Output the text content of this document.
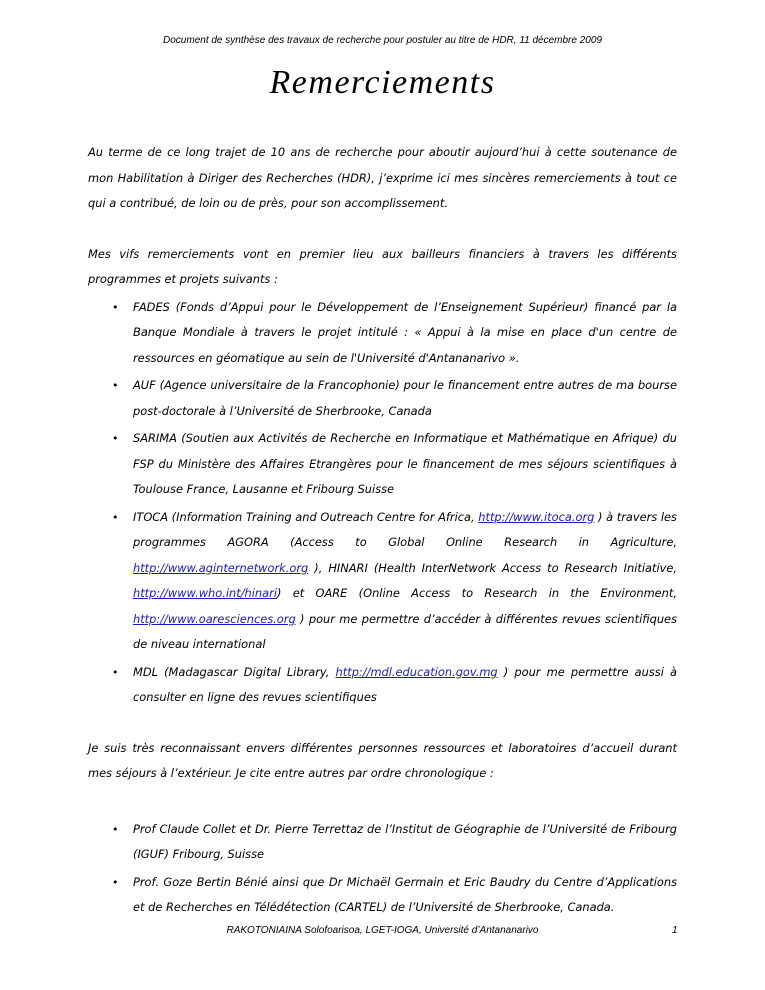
Document de synthèse des travaux de recherche pour postuler au titre de HDR, 11 décembre 2009
Remerciements

Au terme de ce long trajet de 10 ans de recherche pour aboutir aujourd’hui à cette soutenance de mon Habilitation à Diriger des Recherches (HDR), j’exprime ici mes sincères remerciements à tout ce qui a contribué, de loin ou de près, pour son accomplissement.

Mes vifs remerciements vont en premier lieu aux bailleurs financiers à travers les différents programmes et projets suivants :

• FADES (Fonds d’Appui pour le Développement de l’Enseignement Supérieur) financé par la Banque Mondiale à travers le projet intitulé : « Appui à la mise en place d'un centre de ressources en géomatique au sein de l'Université d'Antananarivo ».
• AUF (Agence universitaire de la Francophonie) pour le financement entre autres de ma bourse post-doctorale à l’Université de Sherbrooke, Canada
• SARIMA (Soutien aux Activités de Recherche en Informatique et Mathématique en Afrique) du FSP du Ministère des Affaires Etrangères pour le financement de mes séjours scientifiques à Toulouse France, Lausanne et Fribourg Suisse
• ITOCA (Information Training and Outreach Centre for Africa, http://www.itoca.org ) à travers les programmes AGORA (Access to Global Online Research in Agriculture, http://www.aginternetwork.org ), HINARI (Health InterNetwork Access to Research Initiative, http://www.who.int/hinari) et OARE (Online Access to Research in the Environment, http://www.oaresciences.org ) pour me permettre d’accéder à différentes revues scientifiques de niveau international
• MDL (Madagascar Digital Library, http://mdl.education.gov.mg ) pour me permettre aussi à consulter en ligne des revues scientifiques

Je suis très reconnaissant envers différentes personnes ressources et laboratoires d’accueil durant mes séjours à l’extérieur. Je cite entre autres par ordre chronologique :

• Prof Claude Collet et Dr. Pierre Terrettaz de l’Institut de Géographie de l’Université de Fribourg (IGUF) Fribourg, Suisse
• Prof. Goze Bertin Bénié ainsi que Dr Michaël Germain et Eric Baudry du Centre d’Applications et de Recherches en Télédétection (CARTEL) de l’Université de Sherbrooke, Canada.
RAKOTONIAINA Solofoarisoa, LGET-IOGA, Université d’Antananarivo	1
